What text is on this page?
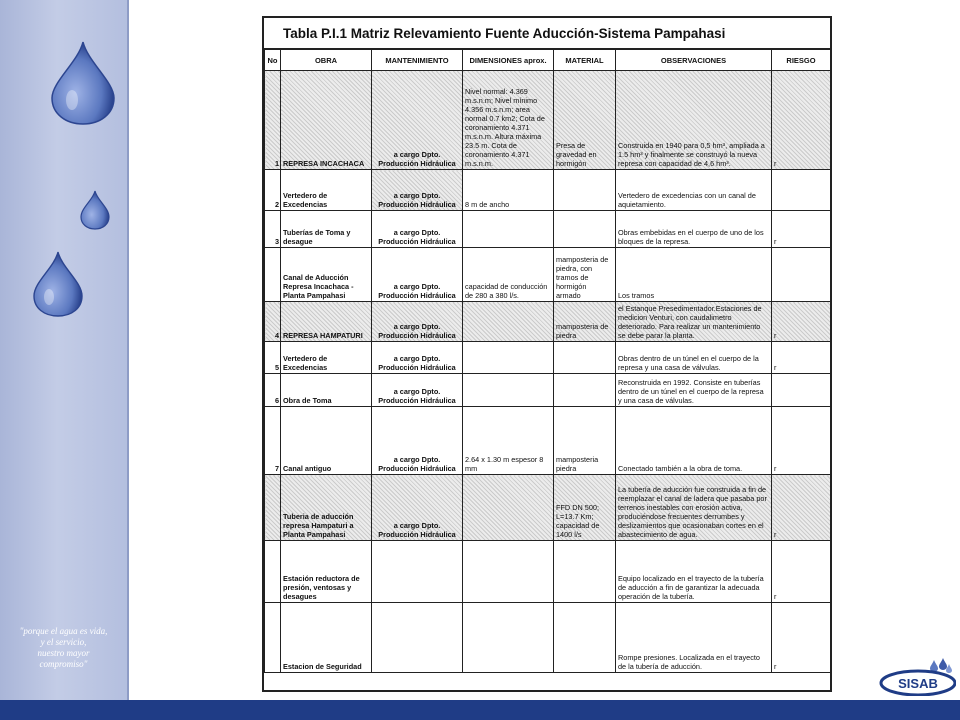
"porque el agua es vida,
y el servicio,
nuestro mayor
compromiso"
Tabla P.I.1 Matriz Relevamiento Fuente Aducción-Sistema Pampahasi
No	OBRA	MANTENIMIENTO	DIMENSIONES aprox.	MATERIAL	OBSERVACIONES	RIESGO
1	REPRESA INCACHACA	a cargo Dpto. Producción Hidráulica	Nivel normal: 4.369 m.s.n.m; Nivel mínimo 4.356 m.s.n.m; area normal 0.7 km2; Cota de coronamiento 4.371 m.s.n.m. Altura máxima 23.5 m. Cota de coronamiento 4.371 m.s.n.m.	Presa de gravedad en hormigón	Construida en 1940 para 0,5 hm³, ampliada a 1.5 hm³ y finalmente se construyó la nueva represa con capacidad de 4,6 hm³.	r
2	Vertedero de Excedencias	a cargo Dpto. Producción Hidráulica	8 m de ancho		Vertedero de excedencias con un canal de aquietamiento.	
3	Tuberías de Toma y desague	a cargo Dpto. Producción Hidráulica			Obras embebidas en el cuerpo de uno de los bloques de la represa.	r
	Canal de Aducción Represa Incachaca - Planta Pampahasi	a cargo Dpto. Producción Hidráulica	capacidad de conducción de 280 a 380 l/s.	mamposteria de piedra, con tramos de hormigón armado	Los tramos	
4	REPRESA HAMPATURI	a cargo Dpto. Producción Hidráulica		mamposteria de piedra	el Estanque Presedimentador.Estaciones de medicion Venturi, con caudalimetro deteriorado. Para realizar un mantenimiento se debe parar la planta.	r
5	Vertedero de Excedencias	a cargo Dpto. Producción Hidráulica			Obras dentro de un túnel en el cuerpo de la represa y una casa de válvulas.	r
6	Obra de Toma	a cargo Dpto. Producción Hidráulica			Reconstruida en 1992. Consiste en tuberías dentro de un túnel en el cuerpo de la represa y una casa de válvulas.	
7	Canal antiguo	a cargo Dpto. Producción Hidráulica	2.64 x 1.30 m espesor 8 mm	mamposteria piedra	Conectado también a la obra de toma.	r
	Tuberia de aducción represa Hampaturi a Planta Pampahasi	a cargo Dpto. Producción Hidráulica		FFD DN 500; L=13.7 Km; capacidad de 1400 l/s	La tubería de aducción fue construida a fin de reemplazar el canal de ladera que pasaba por terrenos inestables con erosión activa, produciéndose frecuentes derrumbes y deslizamientos que ocasionaban cortes en el abastecimiento de agua.	r
	Estación reductora de presión, ventosas y desagues				Equipo localizado en el trayecto de la tubería de aducción a fin de garantizar la adecuada operación de la tubería.	r
	Estacion de Seguridad				Rompe presiones. Localizada en el trayecto de la tubería de aducción.	r
SISAB
